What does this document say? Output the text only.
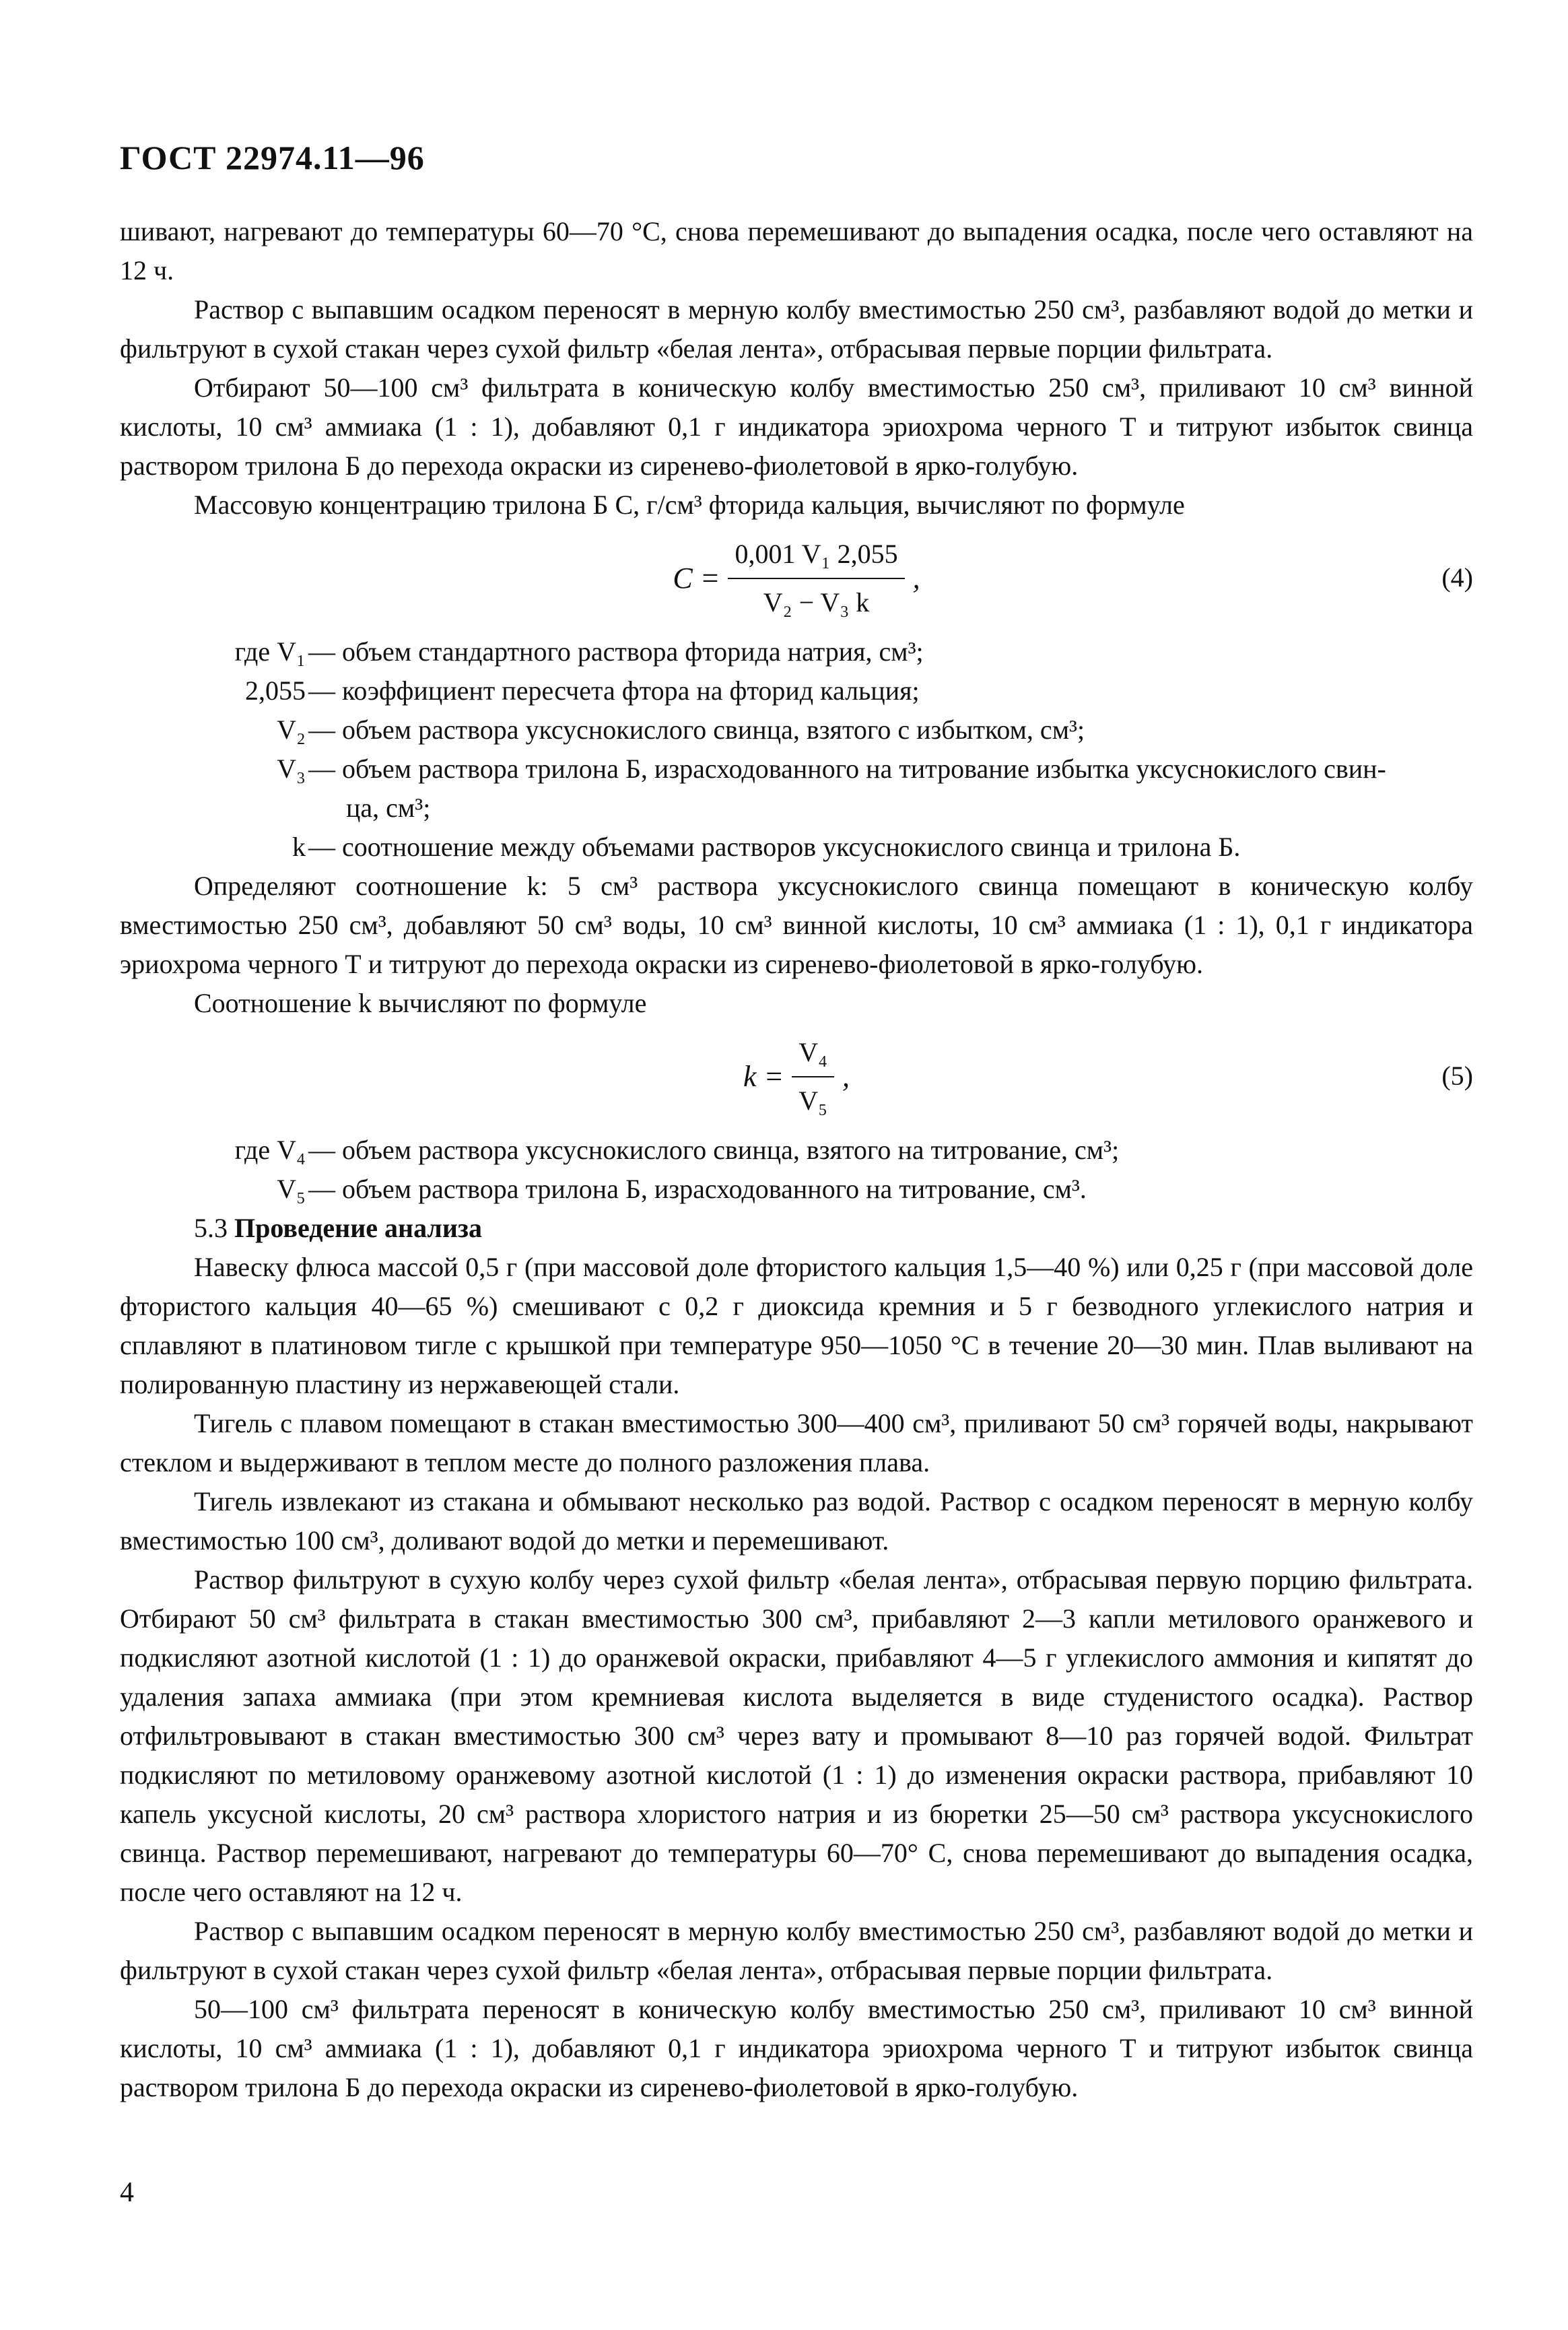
ГОСТ 22974.11—96

шивают, нагревают до температуры 60—70 °С, снова перемешивают до выпадения осадка, после чего оставляют на 12 ч.

Раствор с выпавшим осадком переносят в мерную колбу вместимостью 250 см³, разбавляют водой до метки и фильтруют в сухой стакан через сухой фильтр «белая лента», отбрасывая первые порции фильтрата.

Отбирают 50—100 см³ фильтрата в коническую колбу вместимостью 250 см³, приливают 10 см³ винной кислоты, 10 см³ аммиака (1 : 1), добавляют 0,1 г индикатора эриохрома черного Т и титруют избыток свинца раствором трилона Б до перехода окраски из сиренево-фиолетовой в ярко-голубую.

Массовую концентрацию трилона Б С, г/см³ фторида кальция, вычисляют по формуле

$C = \frac{\text{0,001 V₁ 2,055}}{\text{V₂ − V₃ k}}$ ,	(4)
где V₁ — объем стандартного раствора фторида натрия, см³;
2,055 — коэффициент пересчета фтора на фторид кальция;
V₂ — объем раствора уксуснокислого свинца, взятого с избытком, см³;
V₃ — объем раствора трилона Б, израсходованного на титрование избытка уксуснокислого свин-
ца, см³;
k — соотношение между объемами растворов уксуснокислого свинца и трилона Б.

Определяют соотношение k: 5 см³ раствора уксуснокислого свинца помещают в коническую колбу вместимостью 250 см³, добавляют 50 см³ воды, 10 см³ винной кислоты, 10 см³ аммиака (1 : 1), 0,1 г индикатора эриохрома черного Т и титруют до перехода окраски из сиренево-фиолетовой в ярко-голубую.

Соотношение k вычисляют по формуле

$k = \frac{\text{V₄}}{\text{V₅}}$ ,	(5)
где V₄ — объем раствора уксуснокислого свинца, взятого на титрование, см³;
V₅ — объем раствора трилона Б, израсходованного на титрование, см³.

5.3 Проведение анализа

Навеску флюса массой 0,5 г (при массовой доле фтористого кальция 1,5—40 %) или 0,25 г (при массовой доле фтористого кальция 40—65 %) смешивают с 0,2 г диоксида кремния и 5 г безводного углекислого натрия и сплавляют в платиновом тигле с крышкой при температуре 950—1050 °С в течение 20—30 мин. Плав выливают на полированную пластину из нержавеющей стали.

Тигель с плавом помещают в стакан вместимостью 300—400 см³, приливают 50 см³ горячей воды, накрывают стеклом и выдерживают в теплом месте до полного разложения плава.

Тигель извлекают из стакана и обмывают несколько раз водой. Раствор с осадком переносят в мерную колбу вместимостью 100 см³, доливают водой до метки и перемешивают.

Раствор фильтруют в сухую колбу через сухой фильтр «белая лента», отбрасывая первую порцию фильтрата. Отбирают 50 см³ фильтрата в стакан вместимостью 300 см³, прибавляют 2—3 капли метилового оранжевого и подкисляют азотной кислотой (1 : 1) до оранжевой окраски, прибавляют 4—5 г углекислого аммония и кипятят до удаления запаха аммиака (при этом кремниевая кислота выделяется в виде студенистого осадка). Раствор отфильтровывают в стакан вместимостью 300 см³ через вату и промывают 8—10 раз горячей водой. Фильтрат подкисляют по метиловому оранжевому азотной кислотой (1 : 1) до изменения окраски раствора, прибавляют 10 капель уксусной кислоты, 20 см³ раствора хлористого натрия и из бюретки 25—50 см³ раствора уксуснокислого свинца. Раствор перемешивают, нагревают до температуры 60—70° С, снова перемешивают до выпадения осадка, после чего оставляют на 12 ч.

Раствор с выпавшим осадком переносят в мерную колбу вместимостью 250 см³, разбавляют водой до метки и фильтруют в сухой стакан через сухой фильтр «белая лента», отбрасывая первые порции фильтрата.

50—100 см³ фильтрата переносят в коническую колбу вместимостью 250 см³, приливают 10 см³ винной кислоты, 10 см³ аммиака (1 : 1), добавляют 0,1 г индикатора эриохрома черного Т и титруют избыток свинца раствором трилона Б до перехода окраски из сиренево-фиолетовой в ярко-голубую.

4
